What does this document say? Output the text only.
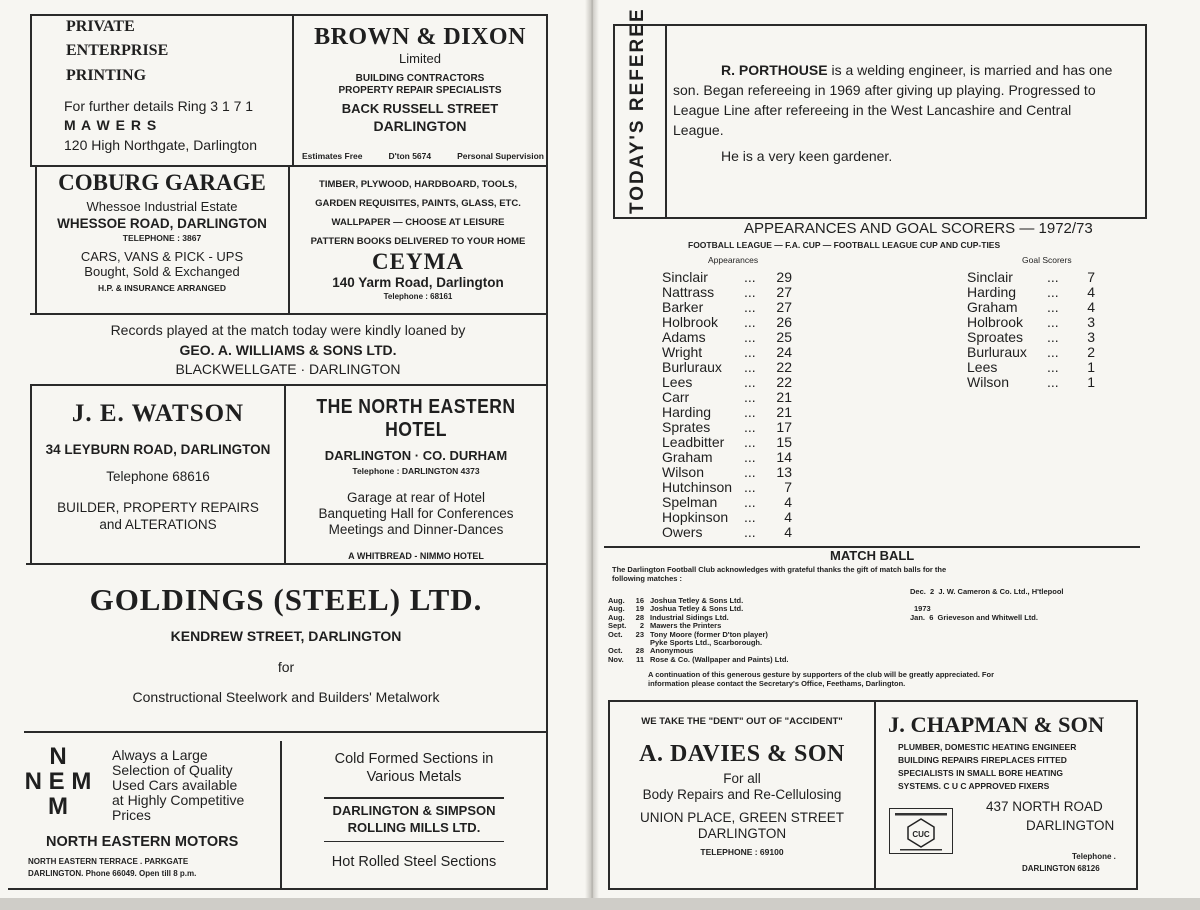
PRIVATE
ENTERPRISE
PRINTING
For further details Ring 3 1 7 1
M A W E R S
120 High Northgate, Darlington
BROWN & DIXON
Limited
BUILDING CONTRACTORS
PROPERTY REPAIR SPECIALISTS
BACK RUSSELL STREET
DARLINGTON
Estimates Free	D'ton 5674	Personal Supervision
COBURG GARAGE
Whessoe Industrial Estate
WHESSOE ROAD, DARLINGTON
TELEPHONE : 3867
CARS, VANS & PICK - UPS
Bought, Sold & Exchanged
H.P. & INSURANCE ARRANGED
TIMBER, PLYWOOD, HARDBOARD, TOOLS,
GARDEN REQUISITES, PAINTS, GLASS, ETC.
WALLPAPER — CHOOSE AT LEISURE
PATTERN BOOKS DELIVERED TO YOUR HOME
CEYMA
140 Yarm Road, Darlington
Telephone : 68161
Records played at the match today were kindly loaned by
GEO. A. WILLIAMS & SONS LTD.
BLACKWELLGATE · DARLINGTON
J. E. WATSON
34 LEYBURN ROAD, DARLINGTON
Telephone 68616
BUILDER, PROPERTY REPAIRS
and ALTERATIONS
THE NORTH EASTERN HOTEL
DARLINGTON · CO. DURHAM
Telephone : DARLINGTON 4373
Garage at rear of Hotel
Banqueting Hall for Conferences
Meetings and Dinner-Dances
A WHITBREAD - NIMMO HOTEL
GOLDINGS (STEEL) LTD.
KENDREW STREET, DARLINGTON
for
Constructional Steelwork and Builders' Metalwork
N
N E M
M
Always a Large
Selection of Quality
Used Cars available
at Highly Competitive
Prices
NORTH EASTERN MOTORS
NORTH EASTERN TERRACE . PARKGATE
DARLINGTON. Phone 66049. Open till 8 p.m.
Cold Formed Sections in
Various Metals
DARLINGTON & SIMPSON
ROLLING MILLS LTD.
Hot Rolled Steel Sections
TODAY'S REFEREE	R. PORTHOUSE is a welding engineer, is married and has one
son. Began refereeing in 1969 after giving up playing. Progressed to
League Line after refereeing in the West Lancashire and Central
League.
He is a very keen gardener.
APPEARANCES AND GOAL SCORERS — 1972/73
FOOTBALL LEAGUE — F.A. CUP — FOOTBALL LEAGUE CUP AND CUP-TIES
Appearances	Goal Scorers
Sinclair	...	29
Nattrass	...	27
Barker	...	27
Holbrook	...	26
Adams	...	25
Wright	...	24
Burluraux	...	22
Lees	...	22
Carr	...	21
Harding	...	21
Sprates	...	17
Leadbitter	...	15
Graham	...	14
Wilson	...	13
Hutchinson ...	7
Spelman	...	4
Hopkinson	...	4
Owers	...	4
Sinclair	...	7
Harding	...	4
Graham	...	4
Holbrook	...	3
Sproates	...	3
Burluraux	...	2
Lees	...	1
Wilson	...	1
MATCH BALL
The Darlington Football Club acknowledges with grateful thanks the gift of match balls for the
following matches :
Aug.	16 Joshua Tetley & Sons Ltd.
Aug.	19 Joshua Tetley & Sons Ltd.
Aug.	28 Industrial Sidings Ltd.
Sept.	2 Mawers the Printers
Oct.	23 Tony Moore (former D'ton player)
Pyke Sports Ltd., Scarborough.
Oct.	28 Anonymous
Nov.	11 Rose & Co. (Wallpaper and Paints) Ltd.
Dec. 2 J. W. Cameron & Co. Ltd., H'tlepool
1973
Jan. 6 Grieveson and Whitwell Ltd.
A continuation of this generous gesture by supporters of the club will be greatly appreciated. For
information please contact the Secretary's Office, Feethams, Darlington.
WE TAKE THE "DENT" OUT OF "ACCIDENT"
A. DAVIES & SON
For all
Body Repairs and Re-Cellulosing
UNION PLACE, GREEN STREET
DARLINGTON
TELEPHONE : 69100
J. CHAPMAN & SON
PLUMBER, DOMESTIC HEATING ENGINEER
BUILDING REPAIRS FIREPLACES FITTED
SPECIALISTS IN SMALL BORE HEATING
SYSTEMS. C U C APPROVED FIXERS
CUC
437 NORTH ROAD
DARLINGTON
Telephone .
DARLINGTON 68126
